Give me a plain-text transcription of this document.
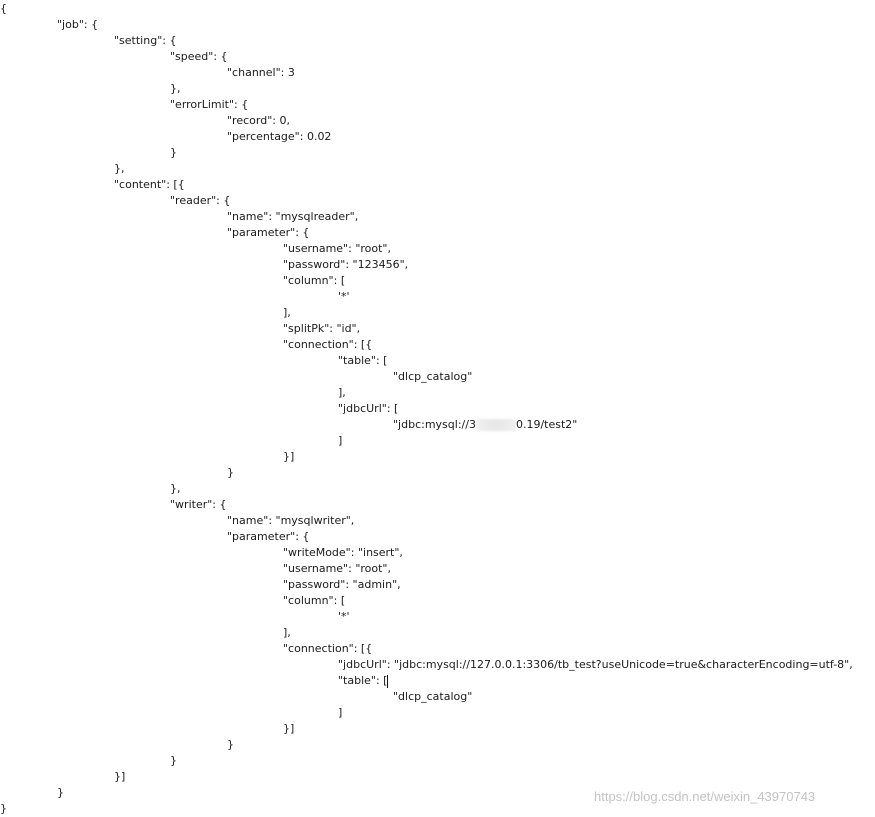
{
"job": {
"setting": {
"speed": {
"channel": 3
},
"errorLimit": {
"record": 0,
"percentage": 0.02
}
},
"content": [{
"reader": {
"name": "mysqlreader",
"parameter": {
"username": "root",
"password": "123456",
"column": [
'*'
],
"splitPk": "id",
"connection": [{
"table": [
"dlcp_catalog"
],
"jdbcUrl": [
"jdbc:mysql://3	0.19/test2"
]
}]
}
},
"writer": {
"name": "mysqlwriter",
"parameter": {
"writeMode": "insert",
"username": "root",
"password": "admin",
"column": [
'*'
],
"connection": [{
"jdbcUrl": "jdbc:mysql://127.0.0.1:3306/tb_test?useUnicode=true&characterEncoding=utf-8",
"table": [
"dlcp_catalog"
]
}]
}
}
}]
}
}
https://blog.csdn.net/weixin_43970743
